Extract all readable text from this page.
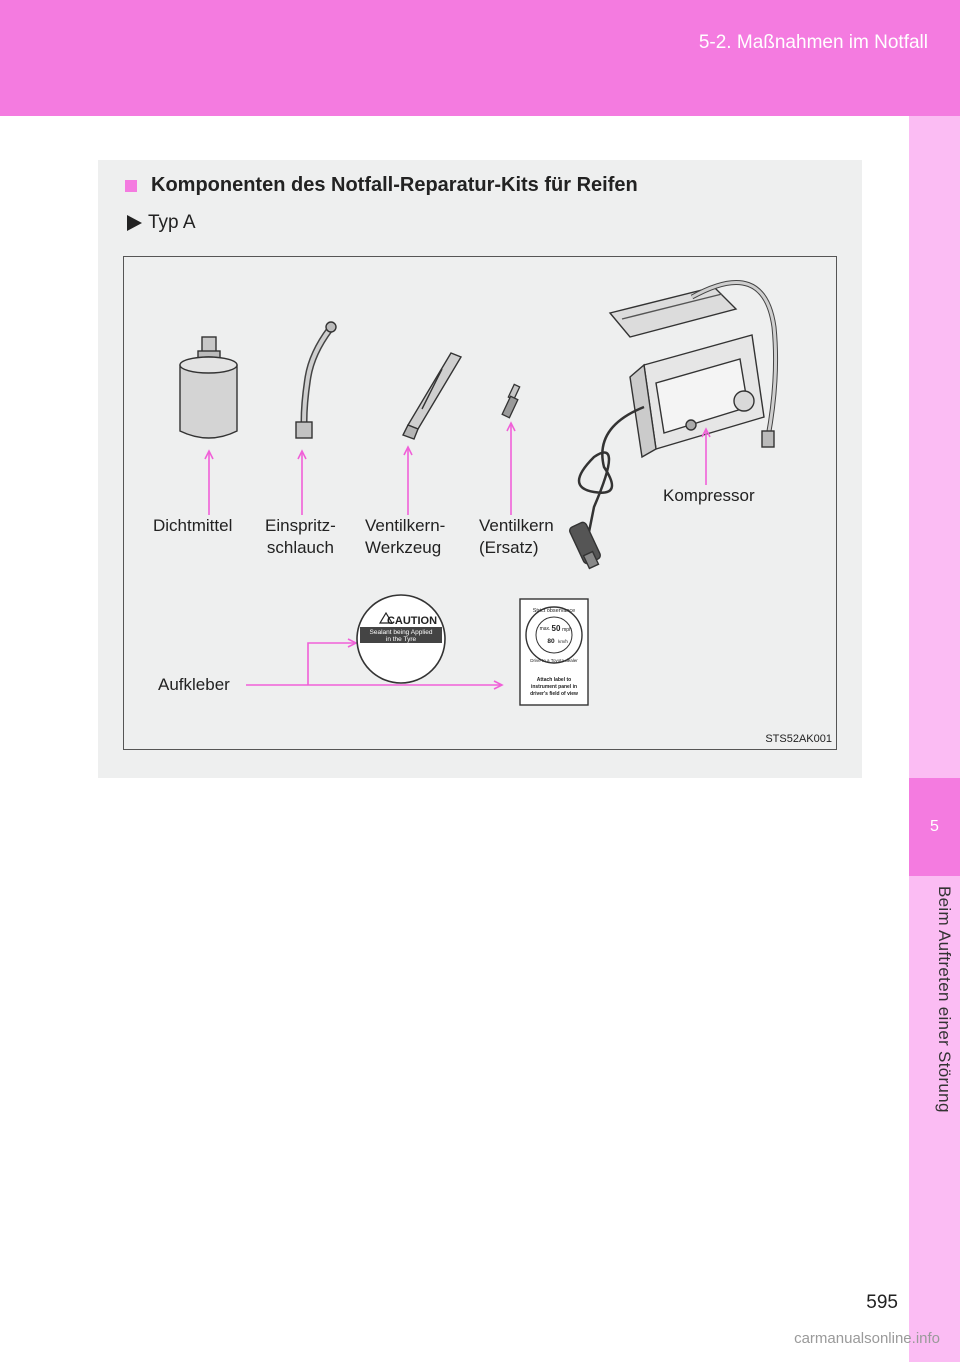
5-2. Maßnahmen im Notfall
5
Beim Auftreten einer Störung
Komponenten des Notfall-Reparatur-Kits für Reifen
Typ A
CAUTION
Sealant being Applied
in the Tyre
Strict observance
Drive to a Toyota dealer
max. 50 mph
80 km/h
Attach label to
instrument panel in
driver's field of view
Dichtmittel Einspritz-
schlauch
Ventilkern-
Werkzeug
Ventilkern
(Ersatz)
Kompressor
Aufkleber
STS52AK001
595
carmanualsonline.info
